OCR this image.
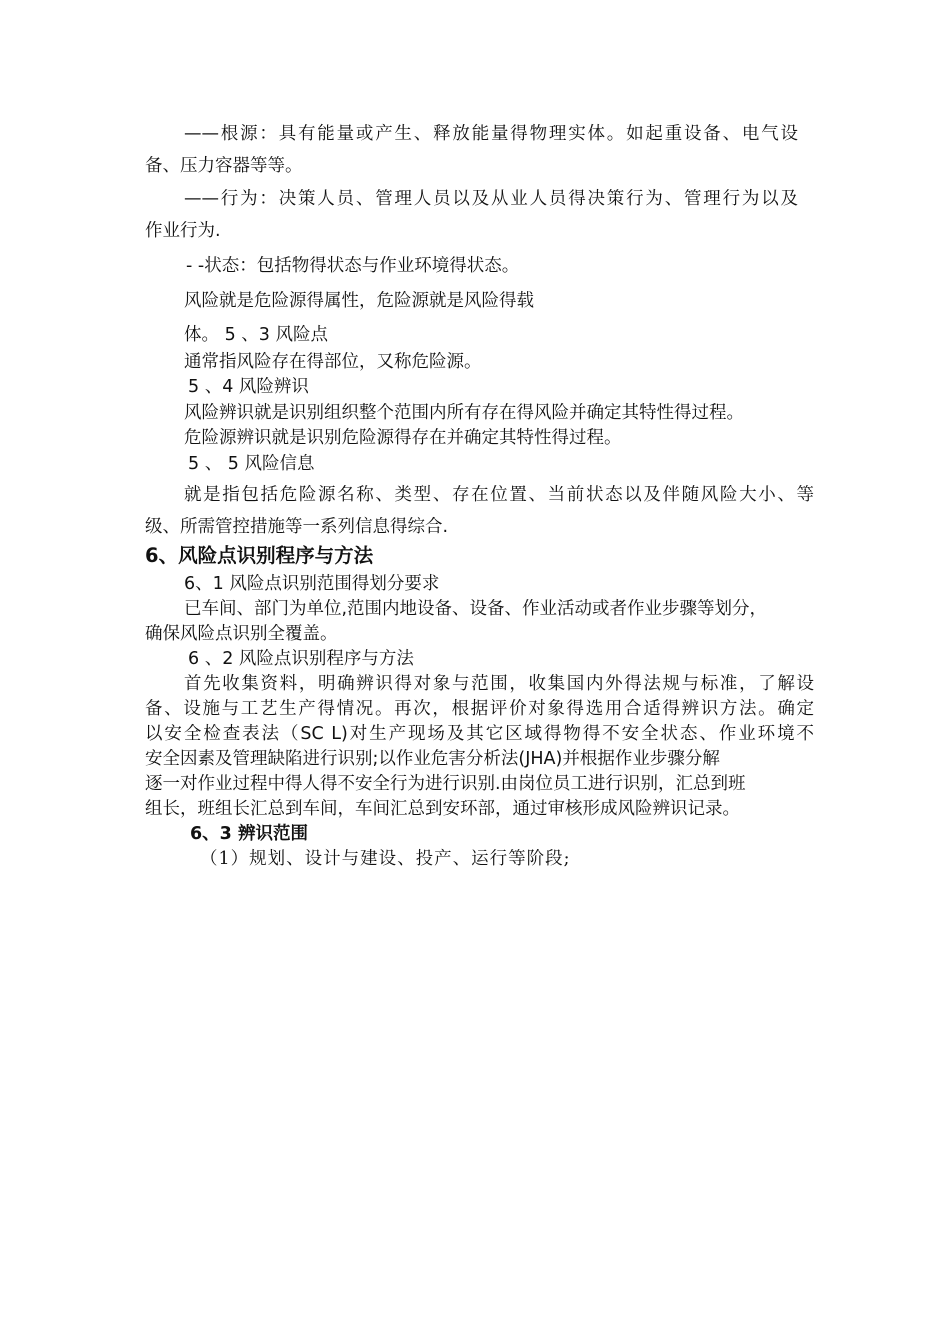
——根源：具有能量或产生、释放能量得物理实体。如起重设备、电气设

备、压力容器等等。

——行为：决策人员、管理人员以及从业人员得决策行为、管理行为以及

作业行为.

- -状态：包括物得状态与作业环境得状态。

风险就是危险源得属性，危险源就是风险得载

体。 5 、3 风险点

通常指风险存在得部位，又称危险源。

5 、4 风险辨识

风险辨识就是识别组织整个范围内所有存在得风险并确定其特性得过程。

危险源辨识就是识别危险源得存在并确定其特性得过程。

5 、 5 风险信息

就是指包括危险源名称、类型、存在位置、当前状态以及伴随风险大小、等

级、所需管控措施等一系列信息得综合.

6、风险点识别程序与方法

6、1 风险点识别范围得划分要求

已车间、部门为单位,范围内地设备、设备、作业活动或者作业步骤等划分，

确保风险点识别全覆盖。

6 、2 风险点识别程序与方法

首先收集资料，明确辨识得对象与范围，收集国内外得法规与标准，了解设

备、设施与工艺生产得情况。再次，根据评价对象得选用合适得辨识方法。确定

以安全检查表法（SC L)对生产现场及其它区域得物得不安全状态、作业环境不

安全因素及管理缺陷进行识别;以作业危害分析法(JHA)并根据作业步骤分解

逐一对作业过程中得人得不安全行为进行识别.由岗位员工进行识别，汇总到班

组长，班组长汇总到车间，车间汇总到安环部，通过审核形成风险辨识记录。

6、3 辨识范围

（1）规划、设计与建设、投产、运行等阶段;
